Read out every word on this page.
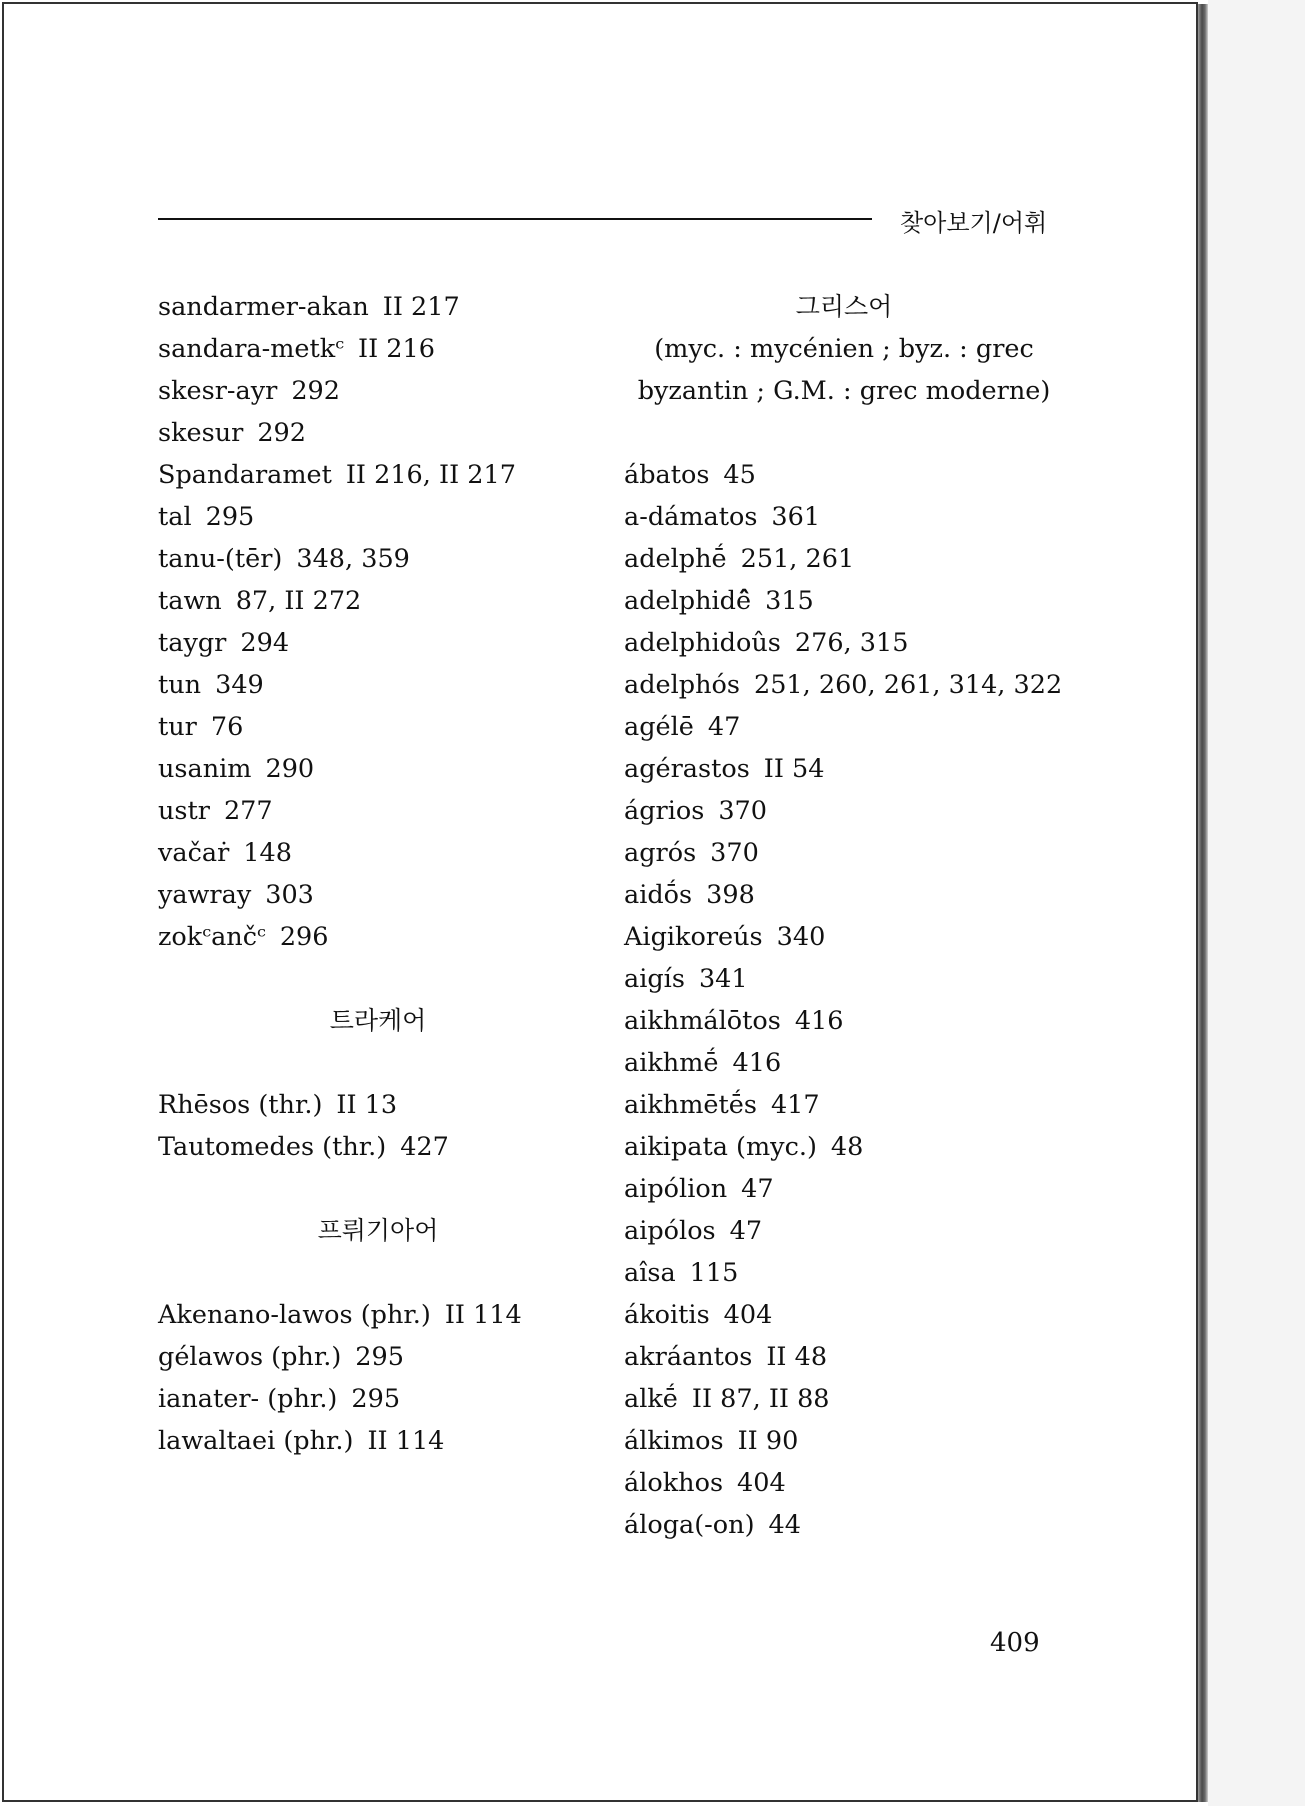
찾아보기/어휘
sandarmer-akan II 217
sandara-metkᶜ II 216
skesr-ayr 292
skesur 292
Spandaramet II 216, II 217
tal 295
tanu-(tēr) 348, 359
tawn 87, II 272
taygr 294
tun 349
tur 76
usanim 290
ustr 277
vačaṙ 148
yawray 303
zokᶜančᶜ 296
트라케어
Rhēsos (thr.) II 13
Tautomedes (thr.) 427
프뤼기아어
Akenano-lawos (phr.) II 114
gélawos (phr.) 295
ianater- (phr.) 295
lawaltaei (phr.) II 114
그리스어
(myc. : mycénien ; byz. : grec
byzantin ; G.M. : grec moderne)
ábatos 45
a-dámatos 361
adelphḗ 251, 261
adelphidê̂ 315
adelphidoûs 276, 315
adelphós 251, 260, 261, 314, 322
agélē 47
agérastos II 54
ágrios 370
agrós 370
aidṓs 398
Aigikoreús 340
aigís 341
aikhmálōtos 416
aikhmḗ 416
aikhmētḗs 417
aikipata (myc.) 48
aipólion 47
aipólos 47
aîsa 115
ákoitis 404
akráantos II 48
alkḗ II 87, II 88
álkimos II 90
álokhos 404
áloga(-on) 44
409
